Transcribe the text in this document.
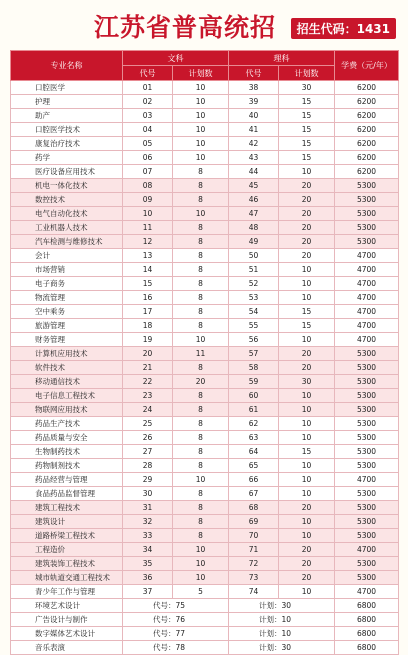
江苏省普高统招	招生代码：1431
专业名称	文科		理科		学费（元/年）
	代号	计划数	代号	计划数	
口腔医学	01	10	38	30	6200
护理	02	10	39	15	6200
助产	03	10	40	15	6200
口腔医学技术	04	10	41	15	6200
康复治疗技术	05	10	42	15	6200
药学	06	10	43	15	6200
医疗设备应用技术	07	8	44	10	6200
机电一体化技术	08	8	45	20	5300
数控技术	09	8	46	20	5300
电气自动化技术	10	10	47	20	5300
工业机器人技术	11	8	48	20	5300
汽车检测与维修技术	12	8	49	20	5300
会计	13	8	50	20	4700
市场营销	14	8	51	10	4700
电子商务	15	8	52	10	4700
物流管理	16	8	53	10	4700
空中乘务	17	8	54	15	4700
旅游管理	18	8	55	15	4700
财务管理	19	10	56	10	4700
计算机应用技术	20	11	57	20	5300
软件技术	21	8	58	20	5300
移动通信技术	22	20	59	30	5300
电子信息工程技术	23	8	60	10	5300
物联网应用技术	24	8	61	10	5300
药品生产技术	25	8	62	10	5300
药品质量与安全	26	8	63	10	5300
生物制药技术	27	8	64	15	5300
药物制剂技术	28	8	65	10	5300
药品经营与管理	29	10	66	10	4700
食品药品监督管理	30	8	67	10	5300
建筑工程技术	31	8	68	20	5300
建筑设计	32	8	69	10	5300
道路桥梁工程技术	33	8	70	10	5300
工程造价	34	10	71	20	4700
建筑装饰工程技术	35	10	72	20	5300
城市轨道交通工程技术	36	10	73	20	5300
青少年工作与管理	37	5	74	10	4700
环境艺术设计	代号：75		计划：30		6800
广告设计与制作	代号：76		计划：10		6800
数字媒体艺术设计	代号：77		计划：10		6800
音乐表演	代号：78		计划：30		6800
